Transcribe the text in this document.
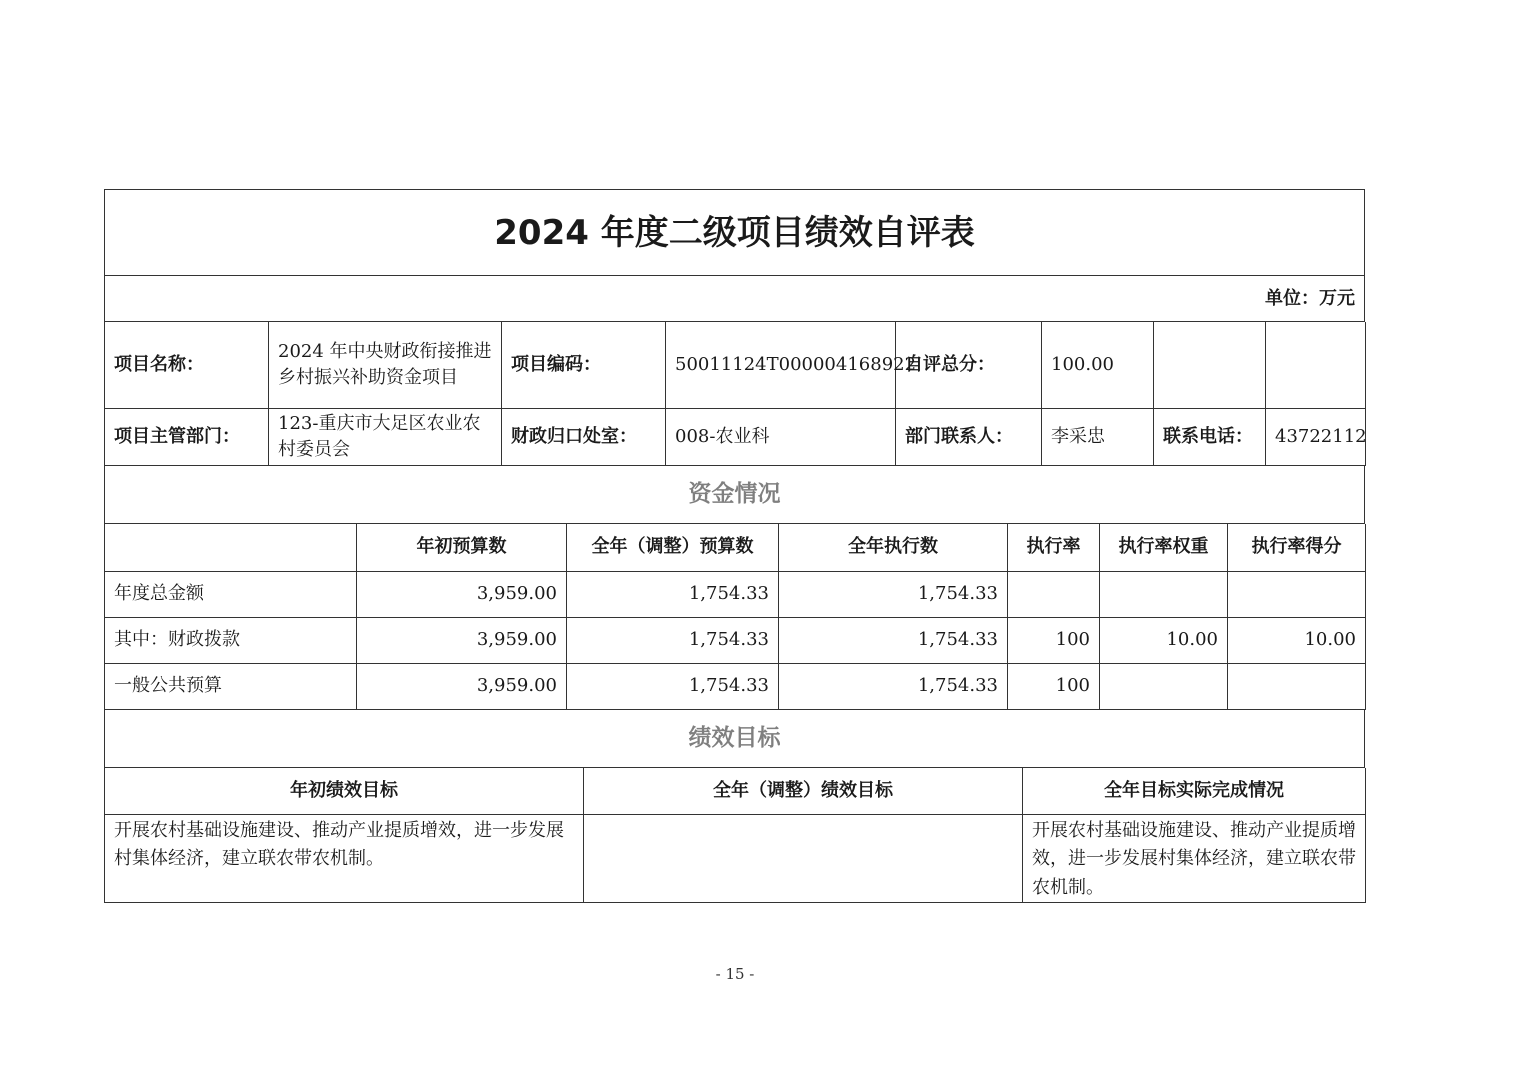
2024 年度二级项目绩效自评表
单位：万元
项目名称：	2024 年中央财政衔接推进乡村振兴补助资金项目	项目编码：	50011124T000004168922	自评总分：	100.00		
项目主管部门：	123-重庆市大足区农业农村委员会	财政归口处室：	008-农业科	部门联系人：	李采忠	联系电话：	43722112
资金情况
	年初预算数	全年（调整）预算数	全年执行数	执行率	执行率权重	执行率得分
年度总金额	3,959.00	1,754.33	1,754.33			
其中：财政拨款	3,959.00	1,754.33	1,754.33	100	10.00	10.00
一般公共预算	3,959.00	1,754.33	1,754.33	100		
绩效目标
年初绩效目标	全年（调整）绩效目标	全年目标实际完成情况
开展农村基础设施建设、推动产业提质增效，进一步发展村集体经济，建立联农带农机制。		开展农村基础设施建设、推动产业提质增效，进一步发展村集体经济，建立联农带农机制。
- 15 -
